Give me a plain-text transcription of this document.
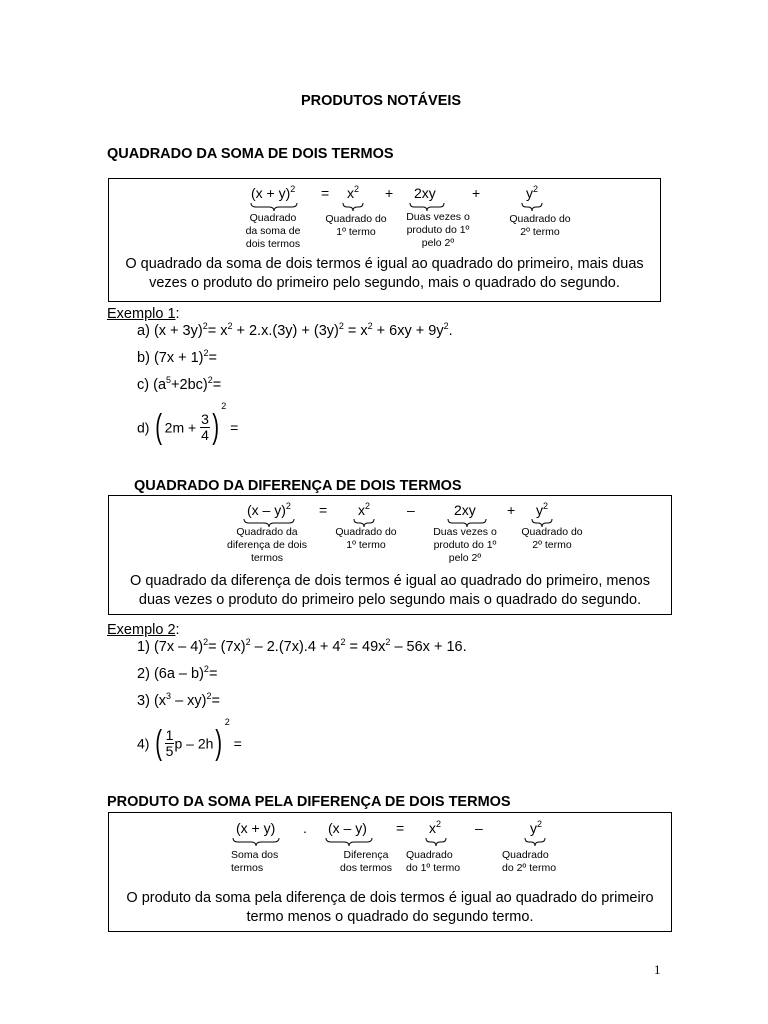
PRODUTOS NOTÁVEIS
QUADRADO DA SOMA DE DOIS TERMOS
$(x + y)^2 = x^2 + 2xy$	+	$y^2$
Quadrado
da soma de
dois termos
Quadrado do
1º termo
Duas vezes o
produto do 1º
pelo 2º
Quadrado do
2º termo
O quadrado da soma de dois termos é igual ao quadrado do primeiro, mais duas vezes o produto do primeiro pelo segundo, mais o quadrado do segundo.
Exemplo 1:
a) $(x + 3y)^2= x^2 + 2.x.(3y) + (3y)^2 = x^2 + 6xy + 9y^2$.
b) $(7x + 1)^2=$
c) $(a^5+2bc)^2=$
d) ( $2m + \frac{3}{4} )^2$ =
QUADRADO DA DIFERENÇA DE DOIS TERMOS
$(x - y)^2 = x^2$	–	$2xy + y^2$
Quadrado da
diferença de dois
termos
Quadrado do
1º termo
Duas vezes o
produto do 1º
pelo 2º
Quadrado do
2º termo
O quadrado da diferença de dois termos é igual ao quadrado do primeiro, menos duas vezes o produto do primeiro pelo segundo mais o quadrado do segundo.
Exemplo 2:
1) $(7x - 4)^2= (7x)^2 - 2.(7x).4 + 4^2 = 49x^2 - 56x + 16$.
2) (6a – b)$^2$=
3) $(x^3 - xy)^2=$
4) ( $\frac{1}{5}$ p – 2h)$^2$ =
PRODUTO DA SOMA PELA DIFERENÇA DE DOIS TERMOS
(x + y) . $(x - y) = x^2$ –	$y^2$
Soma dos
termos
Diferença
dos termos
Quadrado
do 1º termo
Quadrado
do 2º termo
O produto da soma pela diferença de dois termos é igual ao quadrado do primeiro termo menos o quadrado do segundo termo.
1
